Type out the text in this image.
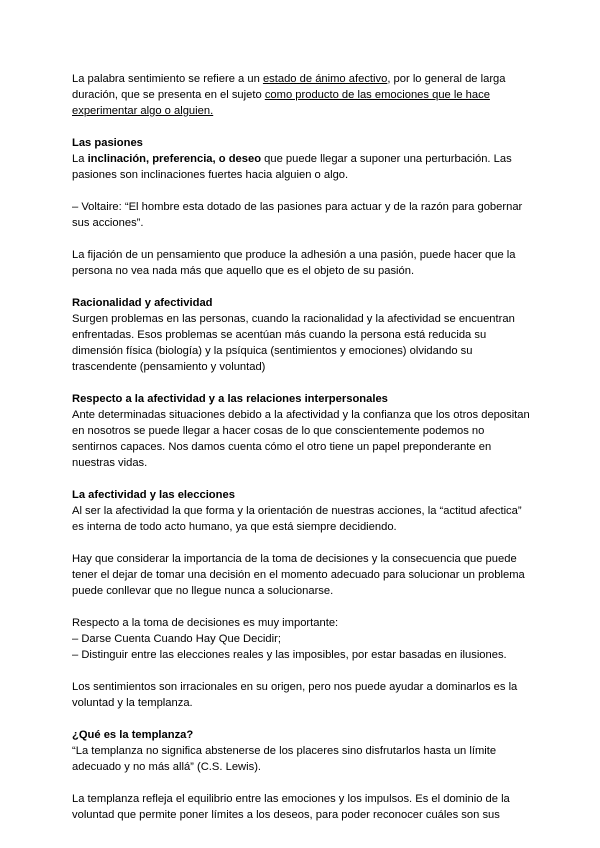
La palabra sentimiento se refiere a un estado de ánimo afectivo, por lo general de larga duración, que se presenta en el sujeto como producto de las emociones que le hace experimentar algo o alguien.

Las pasiones

La inclinación, preferencia, o deseo que puede llegar a suponer una perturbación. Las pasiones son inclinaciones fuertes hacia alguien o algo.

– Voltaire: “El hombre esta dotado de las pasiones para actuar y de la razón para gobernar sus acciones”.

La fijación de un pensamiento que produce la adhesión a una pasión, puede hacer que la persona no vea nada más que aquello que es el objeto de su pasión.

Racionalidad y afectividad

Surgen problemas en las personas, cuando la racionalidad y la afectividad se encuentran enfrentadas. Esos problemas se acentúan más cuando la persona está reducida su dimensión física (biología) y la psíquica (sentimientos y emociones) olvidando su trascendente (pensamiento y voluntad)

Respecto a la afectividad y a las relaciones interpersonales

Ante determinadas situaciones debido a la afectividad y la confianza que los otros depositan en nosotros se puede llegar a hacer cosas de lo que conscientemente podemos no sentirnos capaces. Nos damos cuenta cómo el otro tiene un papel preponderante en nuestras vidas.

La afectividad y las elecciones

Al ser la afectividad la que forma y la orientación de nuestras acciones, la “actitud afectica” es interna de todo acto humano, ya que está siempre decidiendo.

Hay que considerar la importancia de la toma de decisiones y la consecuencia que puede tener el dejar de tomar una decisión en el momento adecuado para solucionar un problema puede conllevar que no llegue nunca a solucionarse.

Respecto a la toma de decisiones es muy importante:

– Darse Cuenta Cuando Hay Que Decidir;

– Distinguir entre las elecciones reales y las imposibles, por estar basadas en ilusiones.

Los sentimientos son irracionales en su origen, pero nos puede ayudar a dominarlos es la voluntad y la templanza.

¿Qué es la templanza?

“La templanza no significa abstenerse de los placeres sino disfrutarlos hasta un límite adecuado y no más allá” (C.S. Lewis).

La templanza refleja el equilibrio entre las emociones y los impulsos. Es el dominio de la voluntad que permite poner límites a los deseos, para poder reconocer cuáles son sus
